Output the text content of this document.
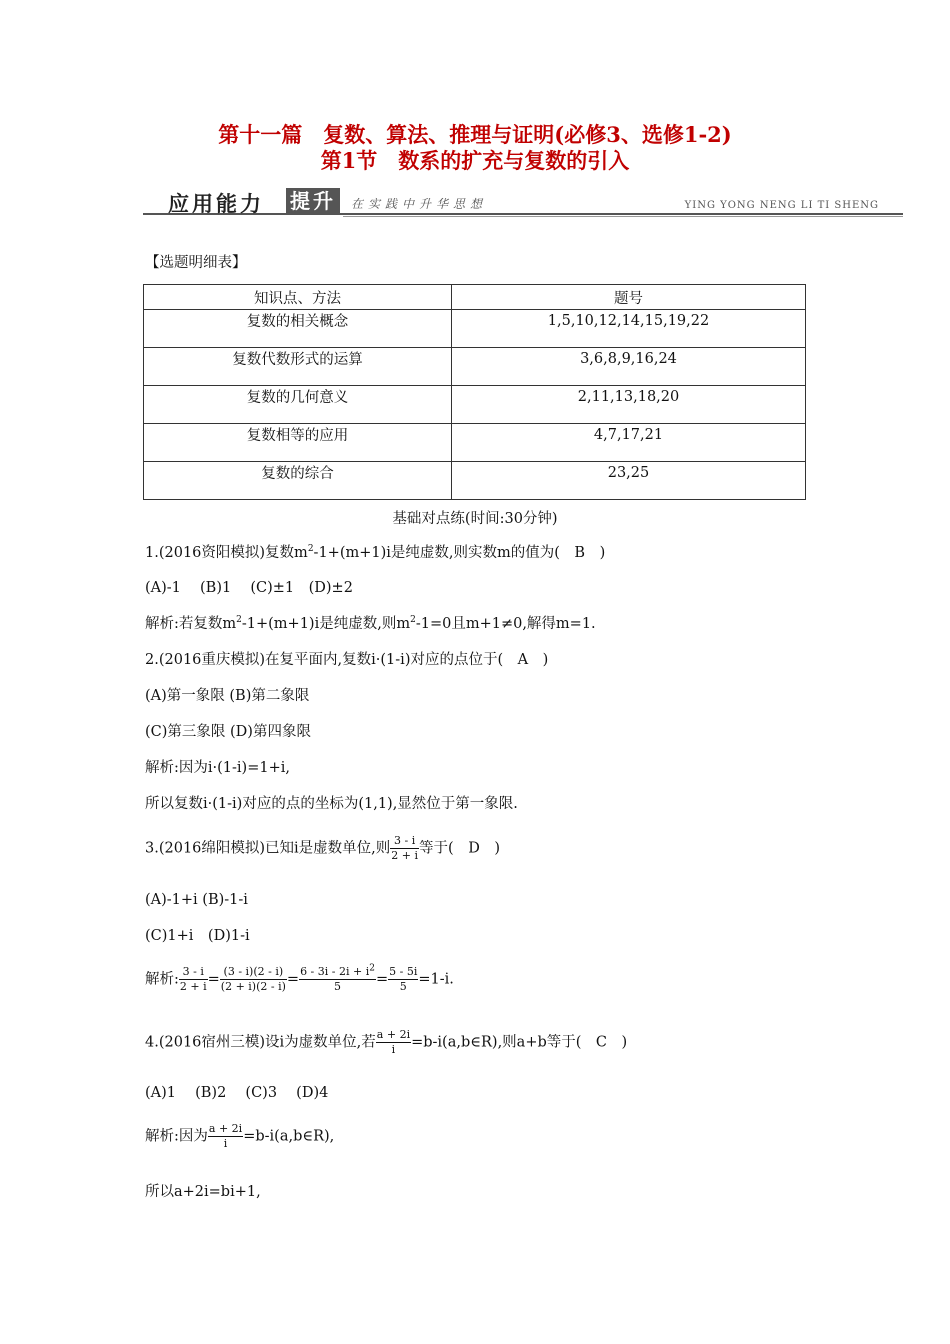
第十一篇　复数、算法、推理与证明(必修3、选修1-2)
第1节　数系的扩充与复数的引入
应用能力 提升	在实践中升华思想	YING YONG NENG LI TI SHENG
【选题明细表】
知识点、方法	题号
复数的相关概念	1,5,10,12,14,15,19,22
复数代数形式的运算	3,6,8,9,16,24
复数的几何意义	2,11,13,18,20
复数相等的应用	4,7,17,21
复数的综合	23,25
基础对点练(时间:30分钟)
1.(2016资阳模拟)复数$m^2-1+(m+1)i$是纯虚数,则实数m的值为(　B　)
(A)-1　 (B)1　 (C)±1　(D)±2
解析:若复数$m^2-1+(m+1)i$是纯虚数,则$m^2-1=0$且m+1≠0,解得m=1.
2.(2016重庆模拟)在复平面内,复数i·(1-i)对应的点位于(　A　)
(A)第一象限 (B)第二象限
(C)第三象限 (D)第四象限
解析:因为i·(1-i)=1+i,
所以复数i·(1-i)对应的点的坐标为(1,1),显然位于第一象限.
3.(2016绵阳模拟)已知i是虚数单位,则 $\frac{3 - i}{2 + i}$ 等于(　D　)
(A)-1+i (B)-1-i
(C)1+i　(D)1-i
解析: $\frac{3 - i}{2 + i} = \frac{(3 - i)(2 - i)}{(2 + i)(2 - i)} = \frac{6 - 3i - 2i + i^2}{5} = \frac{5 - 5i}{5} =1-i$.
4.(2016宿州三模)设i为虚数单位,若 $\frac{a + 2i}{i}$ =b-i(a,b∈R),则a+b等于(　C　)
(A)1　 (B)2　 (C)3　 (D)4
解析:因为 $\frac{a + 2i}{i}$ =b-i(a,b∈R),
所以a+2i=bi+1,
